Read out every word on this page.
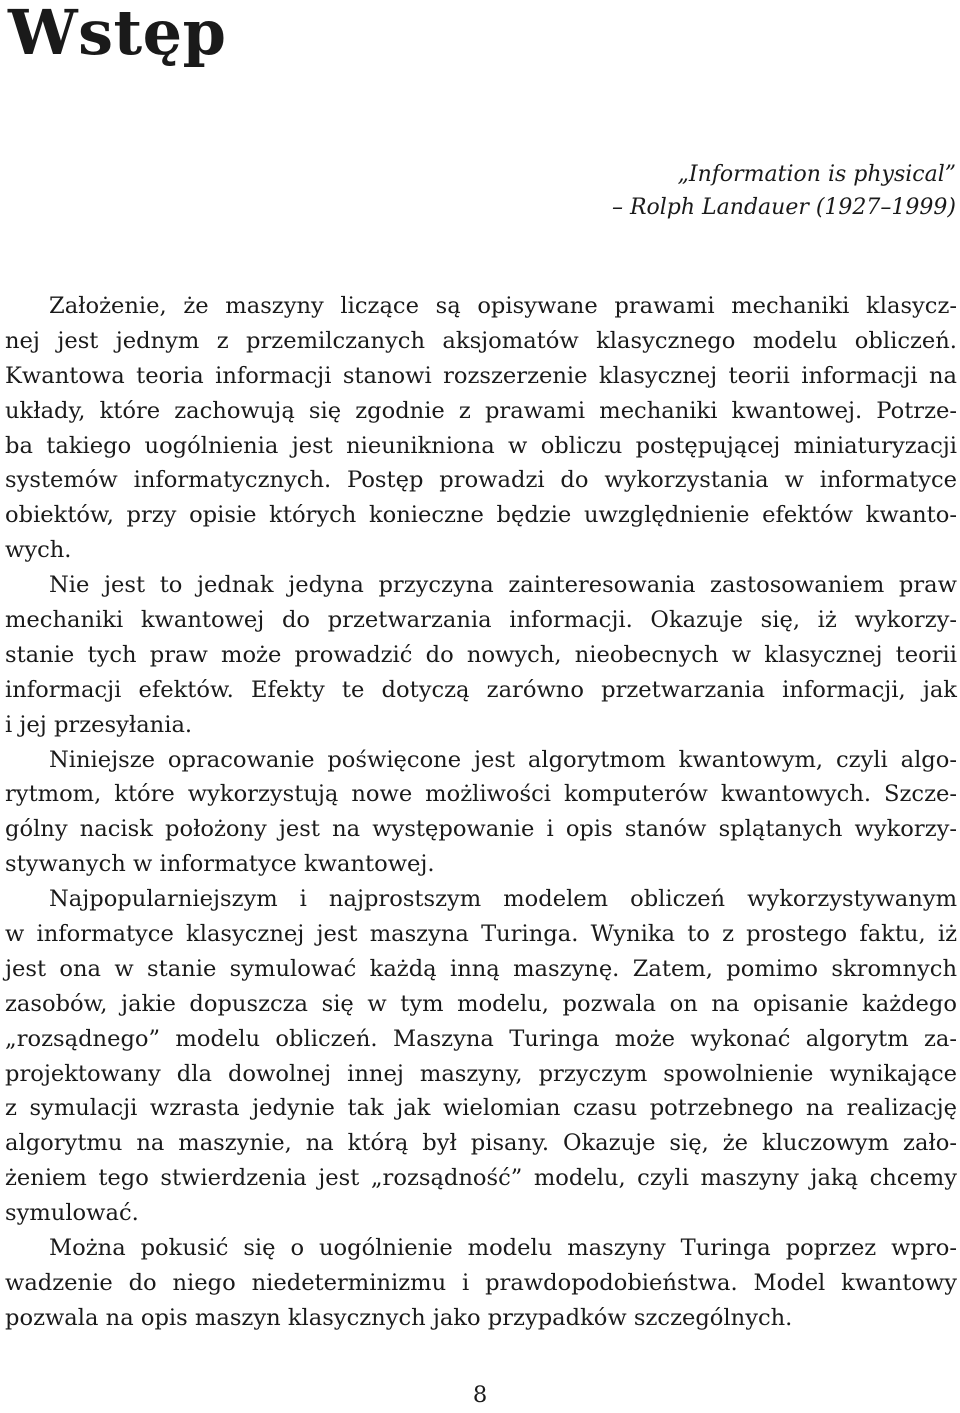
Wstęp
„Information is physical”
– Rolph Landauer (1927–1999)
Założenie, że maszyny liczące są opisywane prawami mechaniki klasycz-
nej jest jednym z przemilczanych aksjomatów klasycznego modelu obliczeń.
Kwantowa teoria informacji stanowi rozszerzenie klasycznej teorii informacji na
układy, które zachowują się zgodnie z prawami mechaniki kwantowej. Potrze-
ba takiego uogólnienia jest nieunikniona w obliczu postępującej miniaturyzacji
systemów informatycznych. Postęp prowadzi do wykorzystania w informatyce
obiektów, przy opisie których konieczne będzie uwzględnienie efektów kwanto-
wych.
Nie jest to jednak jedyna przyczyna zainteresowania zastosowaniem praw
mechaniki kwantowej do przetwarzania informacji. Okazuje się, iż wykorzy-
stanie tych praw może prowadzić do nowych, nieobecnych w klasycznej teorii
informacji efektów. Efekty te dotyczą zarówno przetwarzania informacji, jak
i jej przesyłania.
Niniejsze opracowanie poświęcone jest algorytmom kwantowym, czyli algo-
rytmom, które wykorzystują nowe możliwości komputerów kwantowych. Szcze-
gólny nacisk położony jest na występowanie i opis stanów splątanych wykorzy-
stywanych w informatyce kwantowej.
Najpopularniejszym i najprostszym modelem obliczeń wykorzystywanym
w informatyce klasycznej jest maszyna Turinga. Wynika to z prostego faktu, iż
jest ona w stanie symulować każdą inną maszynę. Zatem, pomimo skromnych
zasobów, jakie dopuszcza się w tym modelu, pozwala on na opisanie każdego
„rozsądnego” modelu obliczeń. Maszyna Turinga może wykonać algorytm za-
projektowany dla dowolnej innej maszyny, przyczym spowolnienie wynikające
z symulacji wzrasta jedynie tak jak wielomian czasu potrzebnego na realizację
algorytmu na maszynie, na którą był pisany. Okazuje się, że kluczowym zało-
żeniem tego stwierdzenia jest „rozsądność” modelu, czyli maszyny jaką chcemy
symulować.
Można pokusić się o uogólnienie modelu maszyny Turinga poprzez wpro-
wadzenie do niego niedeterminizmu i prawdopodobieństwa. Model kwantowy
pozwala na opis maszyn klasycznych jako przypadków szczególnych.
8
